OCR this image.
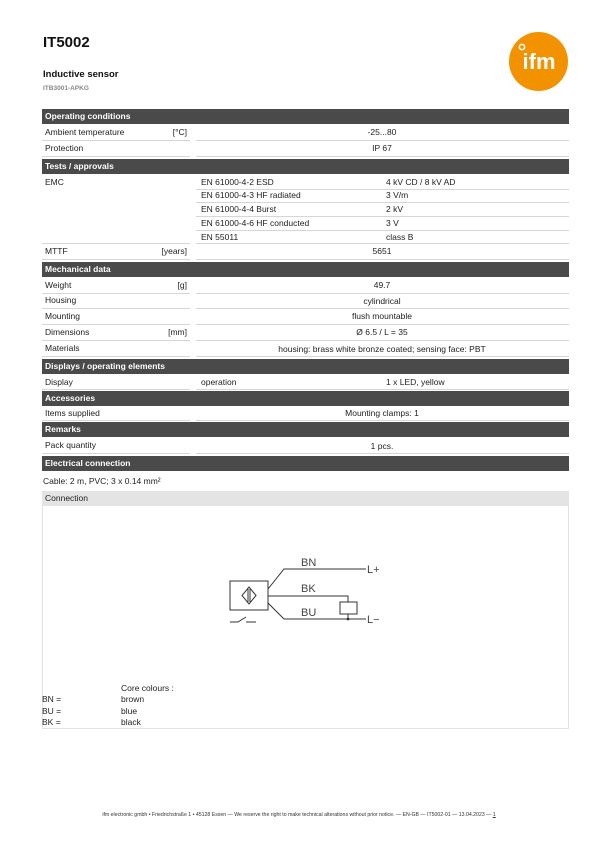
IT5002
Inductive sensor
ITB3001-APKG
ifm
Operating conditions
Ambient temperature	[°C]	-25...80
Protection	IP 67
Tests / approvals
EMC	EN 61000-4-2 ESD	4 kV CD / 8 kV AD
EN 61000-4-3 HF radiated	3 V/m
EN 61000-4-4 Burst	2 kV
EN 61000-4-6 HF conducted	3 V
EN 55011	class B
MTTF	[years]	5651
Mechanical data
Weight	[g]	49.7
Housing	cylindrical
Mounting	flush mountable
Dimensions	[mm]	Ø 6.5 / L = 35
Materials	housing: brass white bronze coated; sensing face: PBT
Displays / operating elements
Display	operation	1 x LED, yellow
Accessories
Items supplied	Mounting clamps: 1
Remarks
Pack quantity	1 pcs.
Electrical connection
Cable: 2 m, PVC; 3 x 0.14 mm²
Connection
BN
BK
BU
L+
L−
Core colours :
BN =	brown
BU =	blue
BK =	black
ifm electronic gmbh • Friedrichstraße 1 • 45128 Essen — We reserve the right to make technical alterations without prior notice. — EN-GB — IT5002-01 — 13.04.2023 — 1
